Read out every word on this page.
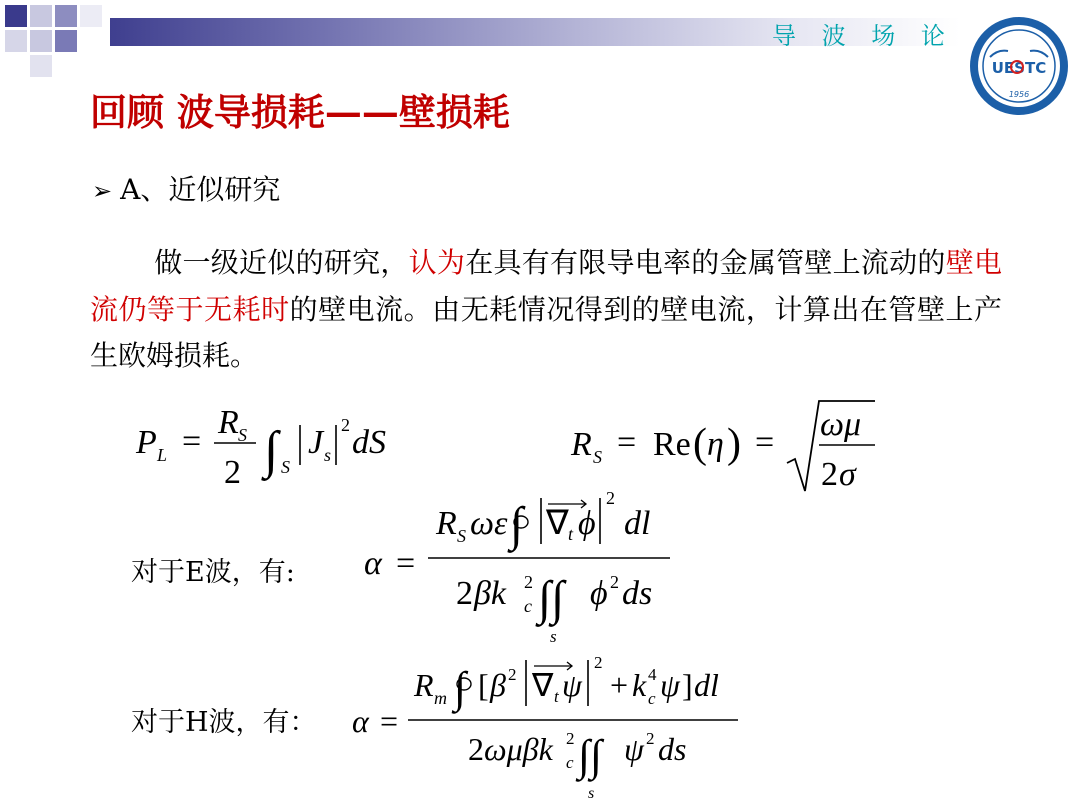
导 波 场 论
UESTC
1956
回顾 波导损耗——壁损耗
➢ A、近似研究
做一级近似的研究，认为在具有有限导电率的金属管壁上流动的壁电流仍等于无耗时的壁电流。由无耗情况得到的壁电流，计算出在管壁上产生欧姆损耗。
P L =
R S
2 ∫ S
J s
2 dS	R S = Re ( η ) = ωμ
2 σ
对于E波，有: α =
R S ωε ∫ ∇ t ϕ
2
dl
2 βk 2
c ∫∫
s
ϕ 2 ds
对于H波，有： α =
R m ∫ [ β 2 ∇ t ψ
2
+ k 4
c ψ ] dl
2 ωμβk 2
c ∫∫
s
ψ 2 ds
